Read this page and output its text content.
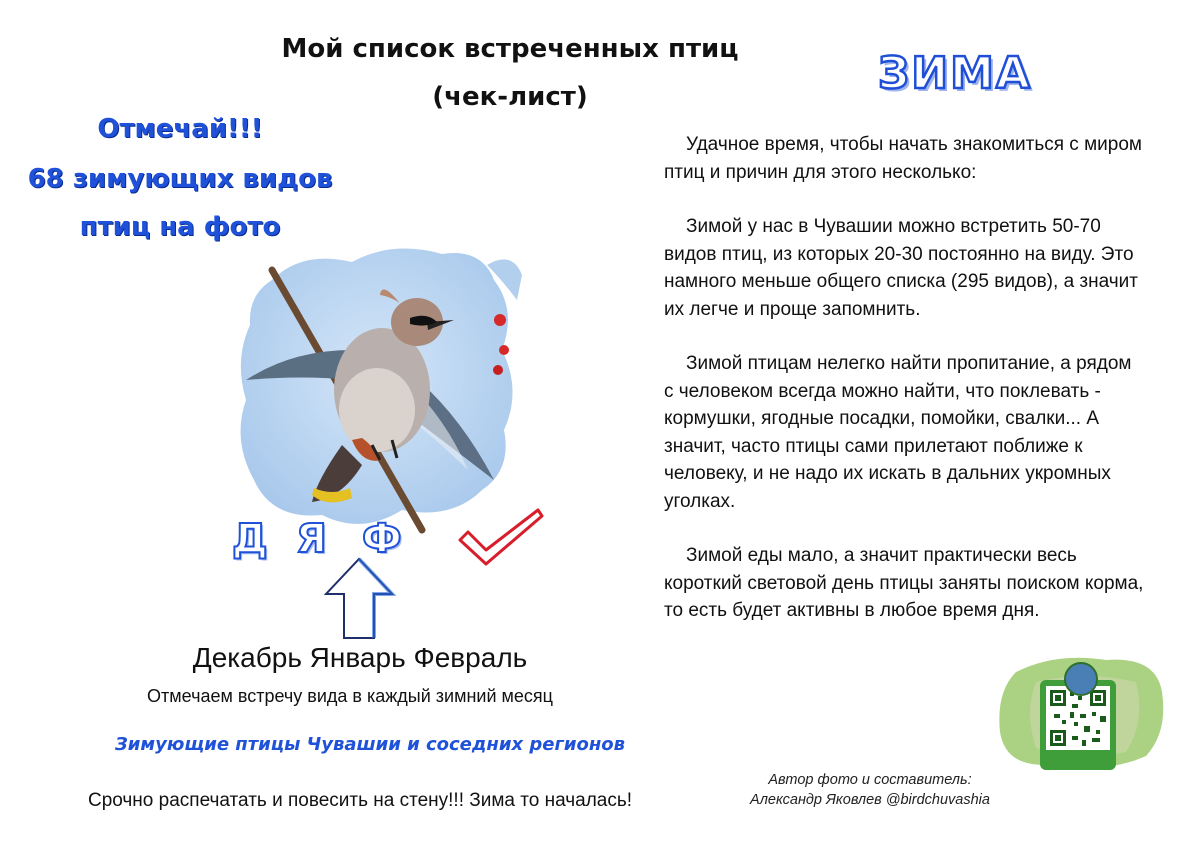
Мой список встреченных птиц
(чек-лист)	ЗИМА
Отмечай!!!
68 зимующих видов
птиц на фото

Удачное время, чтобы начать знакомиться с миром птиц и причин для этого несколько:

Зимой у нас в Чувашии можно встретить 50-70 видов птиц, из которых 20-30 постоянно на виду. Это намного меньше общего списка (295 видов), а значит их легче и проще запомнить.

Зимой птицам нелегко найти пропитание, а рядом с человеком всегда можно найти, что поклевать - кормушки, ягодные посадки, помойки, свалки... А значит, часто птицы сами прилетают поближе к человеку, и не надо их искать в дальних укромных уголках.

Зимой еды мало, а значит практически весь короткий световой день птицы заняты поиском корма, то есть будет активны в любое время дня.

Д Я Ф
Декабрь Январь Февраль
Отмечаем встречу вида в каждый зимний месяц
Зимующие птицы Чувашии и соседних регионов
Срочно распечатать и повесить на стену!!! Зима то началась!
Автор фото и составитель:
Александр Яковлев @birdchuvashia
@FREEBIOLOG
